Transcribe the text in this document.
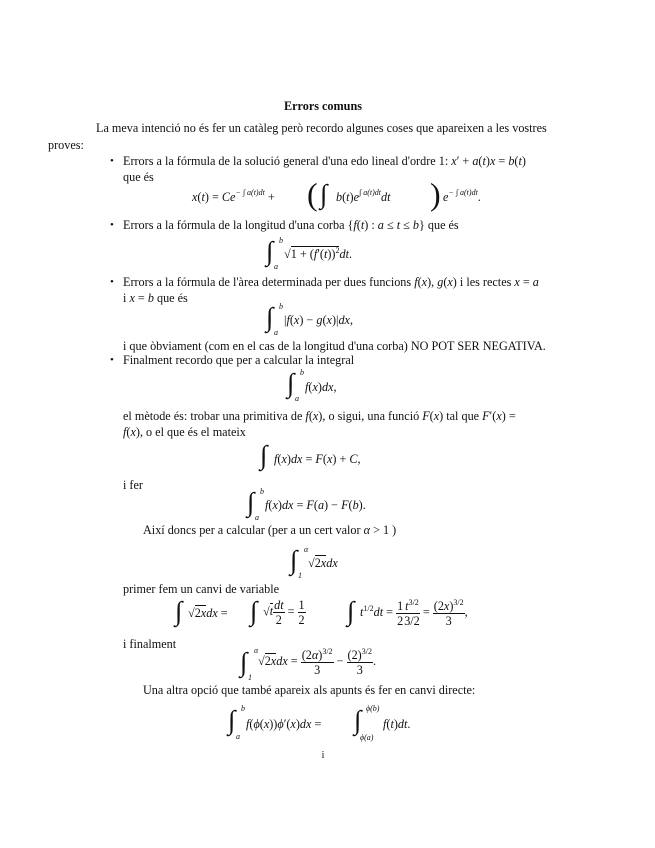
Errors comuns
La meva intenció no és fer un catàleg però recordo algunes coses que apareixen a les vostres
proves:
• Errors a la fórmula de la solució general d'una edo lineal d'ordre 1: x′ + a(t)x = b(t)
que és
$x(t) = Ce^{- \int a(t)dt}$ + ( ∫ $b(t)e^{\int a(t)dt}dt$ ) $e^{- \int a(t)dt}$.
• Errors a la fórmula de la longitud d'una corba {f(t) : a ≤ t ≤ b} que és
∫ b
a
$√1 + (f'(t))^2dt$.
• Errors a la fórmula de l'àrea determinada per dues funcions f(x), g(x) i les rectes x = a
i x = b que és
∫ b
a
|f(x) − g(x)|dx,
i que òbviament (com en el cas de la longitud d'una corba) NO POT SER NEGATIVA.
• Finalment recordo que per a calcular la integral
∫ b
a
f(x)dx,
el mètode és: trobar una primitiva de f(x), o sigui, una funció F(x) tal que F′(x) =
f(x), o el que és el mateix
∫ f(x)dx = F(x) + C,
i fer
∫ b
a
f(x)dx = F(a) − F(b).
Així doncs per a calcular (per a un cert valor α > 1 )
∫ α
1
√2xdx
primer fem un canvi de variable
∫ √2xdx = ∫ $√t \frac{dt}{2} = \frac{1}{2}$ ∫ $t^{1/2}dt = \frac{1}{2} \frac{t^{3/2}}{3/2} = \frac{(2x)^{3/2}}{3}$ ,
i finalment
∫ α
1
$√2xdx = \frac{(2\alpha)^{3/2}}{3} - \frac{(2)^{3/2}}{3}$ .
Una altra opció que també apareix als apunts és fer en canvi directe:
∫ b
a
f(ϕ(x))ϕ′(x)dx = ∫ ϕ(b)
ϕ(a)
f(t)dt.
i
